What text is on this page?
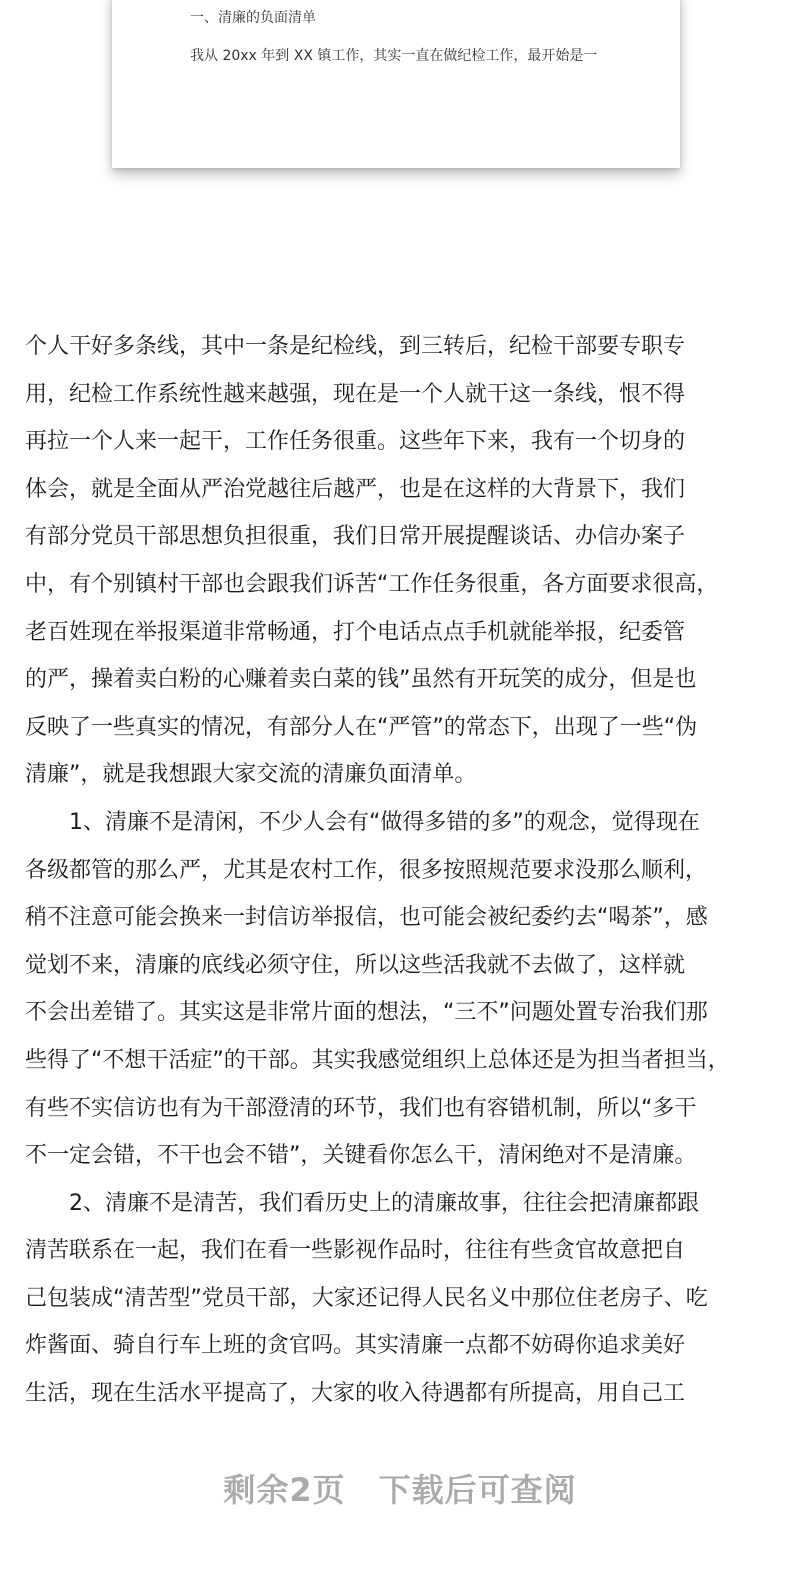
一、清廉的负面清单
我从 20xx 年到 XX 镇工作，其实一直在做纪检工作，最开始是一
个人干好多条线，其中一条是纪检线，到三转后，纪检干部要专职专
用，纪检工作系统性越来越强，现在是一个人就干这一条线，恨不得
再拉一个人来一起干，工作任务很重。这些年下来，我有一个切身的
体会，就是全面从严治党越往后越严，也是在这样的大背景下，我们
有部分党员干部思想负担很重，我们日常开展提醒谈话、办信办案子
中，有个别镇村干部也会跟我们诉苦“工作任务很重，各方面要求很高，
老百姓现在举报渠道非常畅通，打个电话点点手机就能举报，纪委管
的严，操着卖白粉的心赚着卖白菜的钱”虽然有开玩笑的成分，但是也
反映了一些真实的情况，有部分人在“严管”的常态下，出现了一些“伪
清廉”，就是我想跟大家交流的清廉负面清单。
　　1、清廉不是清闲，不少人会有“做得多错的多”的观念，觉得现在
各级都管的那么严，尤其是农村工作，很多按照规范要求没那么顺利，
稍不注意可能会换来一封信访举报信，也可能会被纪委约去“喝茶”，感
觉划不来，清廉的底线必须守住，所以这些活我就不去做了，这样就
不会出差错了。其实这是非常片面的想法，“三不”问题处置专治我们那
些得了“不想干活症”的干部。其实我感觉组织上总体还是为担当者担当，
有些不实信访也有为干部澄清的环节，我们也有容错机制，所以“多干
不一定会错，不干也会不错”，关键看你怎么干，清闲绝对不是清廉。
　　2、清廉不是清苦，我们看历史上的清廉故事，往往会把清廉都跟
清苦联系在一起，我们在看一些影视作品时，往往有些贪官故意把自
己包装成“清苦型”党员干部，大家还记得人民名义中那位住老房子、吃
炸酱面、骑自行车上班的贪官吗。其实清廉一点都不妨碍你追求美好
生活，现在生活水平提高了，大家的收入待遇都有所提高，用自己工
剩余2页　下载后可查阅
